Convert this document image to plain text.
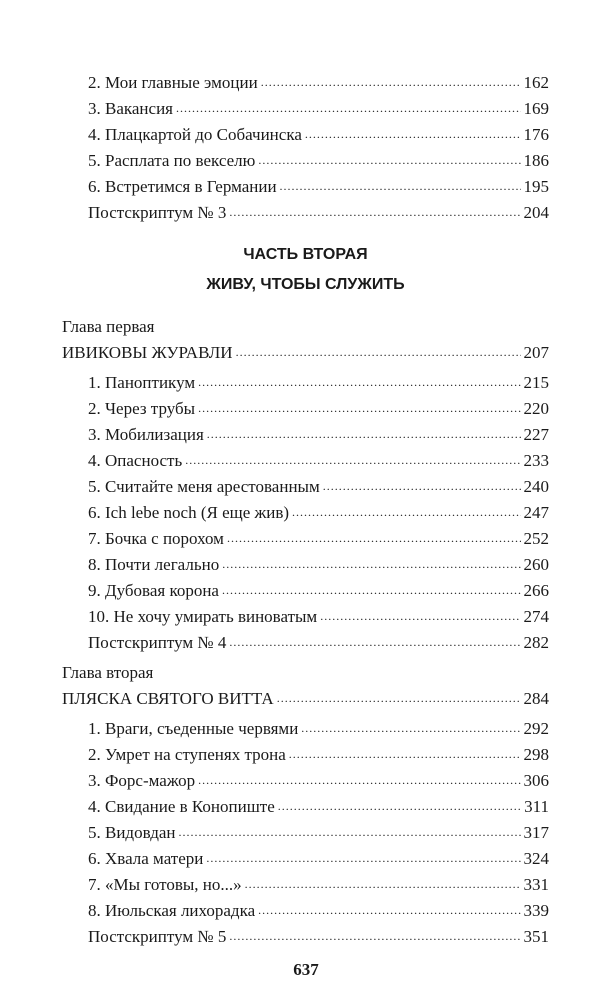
2. Мои главные эмоции .....	162
3. Вакансия .....	169
4. Плацкартой до Собачинска .....	176
5. Расплата по векселю .....	186
6. Встретимся в Германии .....	195
Постскриптум № 3 .....	204
ЧАСТЬ ВТОРАЯ
ЖИВУ, ЧТОБЫ СЛУЖИТЬ
Глава первая
ИВИКОВЫ ЖУРАВЛИ .....	207
1. Паноптикум .....	215
2. Через трубы .....	220
3. Мобилизация .....	227
4. Опасность .....	233
5. Считайте меня арестованным .....	240
6. Ich lebe noch (Я еще жив) .....	247
7. Бочка с порохом .....	252
8. Почти легально .....	260
9. Дубовая корона .....	266
10. Не хочу умирать виноватым .....	274
Постскриптум № 4 .....	282
Глава вторая
ПЛЯСКА СВЯТОГО ВИТТА .....	284
1. Враги, съеденные червями .....	292
2. Умрет на ступенях трона .....	298
3. Форс-мажор .....	306
4. Свидание в Конопиште .....	311
5. Видовдан .....	317
6. Хвала матери .....	324
7. «Мы готовы, но...» .....	331
8. Июльская лихорадка .....	339
Постскриптум № 5 .....	351
637
